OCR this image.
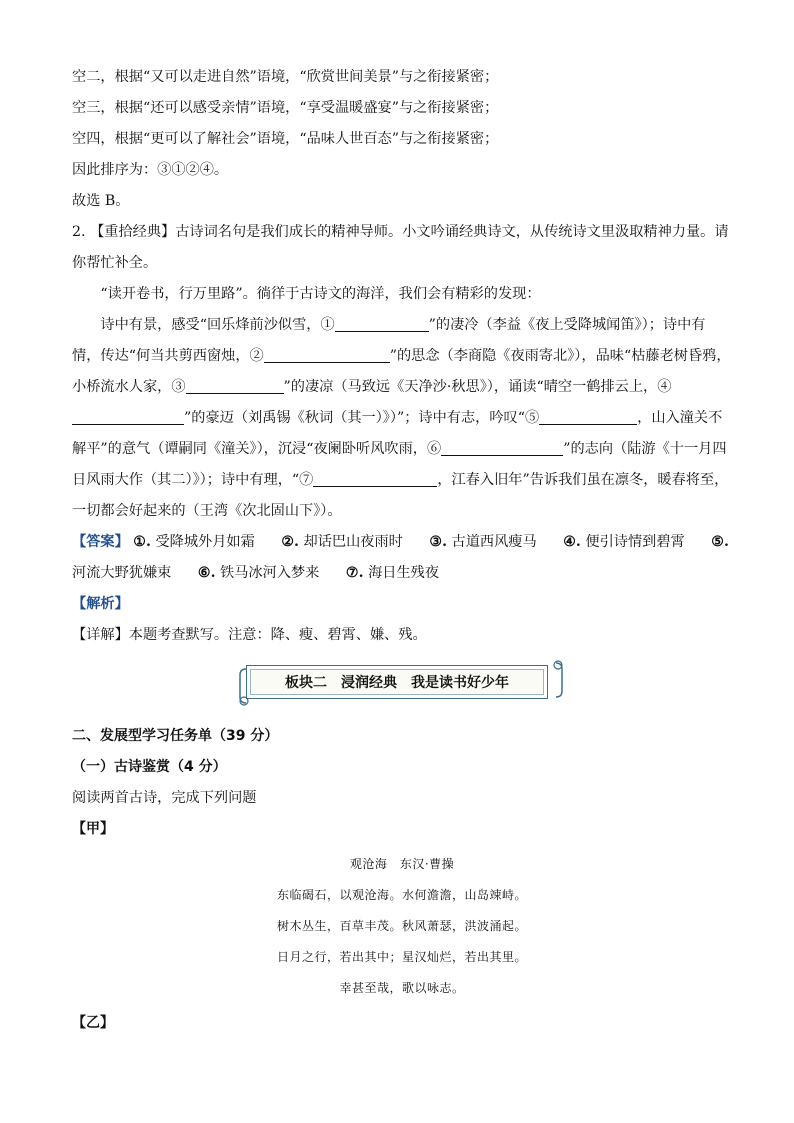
空二，根据“又可以走进自然”语境，“欣赏世间美景”与之衔接紧密；
空三，根据“还可以感受亲情”语境，“享受温暖盛宴”与之衔接紧密；
空四，根据“更可以了解社会”语境，“品味人世百态”与之衔接紧密；
因此排序为：③①②④。
故选 B。
2. 【重拾经典】古诗词名句是我们成长的精神导师。小文吟诵经典诗文，从传统诗文里汲取精神力量。请你帮忙补全。
“读开卷书，行万里路”。徜徉于古诗文的海洋，我们会有精彩的发现：
诗中有景，感受“回乐烽前沙似雪，①	”的凄冷（李益《夜上受降城闻笛》）；诗中有情，传达“何当共剪西窗烛，②	”的思念（李商隐《夜雨寄北》），品味“枯藤老树昏鸦，小桥流水人家，③	”的凄凉（马致远《天净沙·秋思》），诵读“晴空一鹤排云上，④”的豪迈（刘禹锡《秋词（其一）》）”；诗中有志，吟叹“⑤	，山入潼关不解平”的意气（谭嗣同《潼关》），沉浸“夜阑卧听风吹雨，⑥	”的志向（陆游《十一月四日风雨大作（其二）》）；诗中有理，“⑦	，江春入旧年”告诉我们虽在凛冬，暖春将至，一切都会好起来的（王湾《次北固山下》）。
【答案】 ①. 受降城外月如霜 ②. 却话巴山夜雨时 ③. 古道西风瘦马 ④. 便引诗情到碧霄 ⑤. 河流大野犹嫌束 ⑥. 铁马冰河入梦来 ⑦. 海日生残夜
【解析】
【详解】本题考查默写。注意：降、瘦、碧霄、嫌、残。
板块二　浸润经典　我是读书好少年
二、发展型学习任务单（39 分）
（一）古诗鉴赏（4 分）
阅读两首古诗，完成下列问题
【甲】
观沧海　东汉·曹操
东临碣石，以观沧海。水何澹澹，山岛竦峙。
树木丛生，百草丰茂。秋风萧瑟，洪波涌起。
日月之行，若出其中；星汉灿烂，若出其里。
幸甚至哉，歌以咏志。
【乙】
